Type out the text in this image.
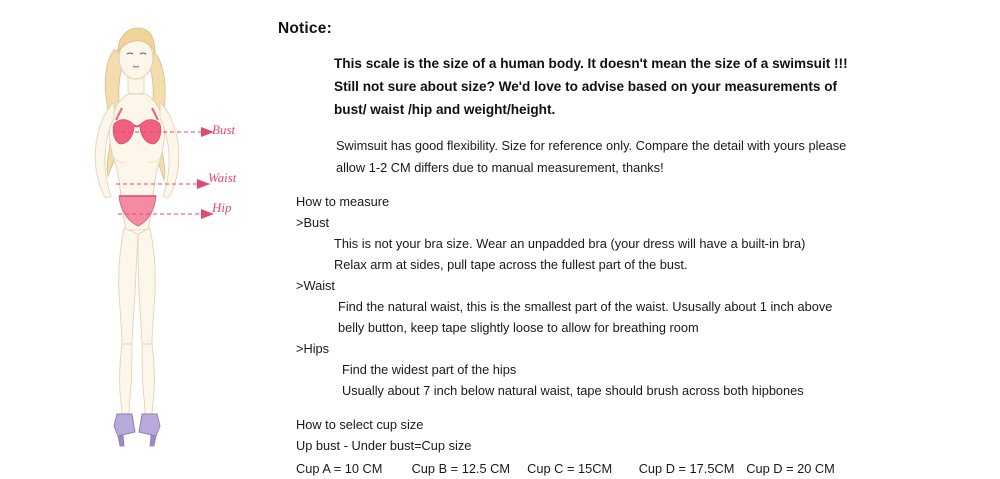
Bust
Waist
Hip
Notice:
This scale is the size of a human body. It doesn't mean the size of a swimsuit !!!
Still not sure about size? We'd love to advise based on your measurements of
bust/ waist /hip and weight/height.
Swimsuit has good flexibility. Size for reference only. Compare the detail with yours please
allow 1-2 CM differs due to manual measurement, thanks!
How to measure
>Bust
This is not your bra size. Wear an unpadded bra (your dress will have a built-in bra)
Relax arm at sides, pull tape across the fullest part of the bust.
>Waist
Find the natural waist, this is the smallest part of the waist. Ususally about 1 inch above
belly button, keep tape slightly loose to allow for breathing room
>Hips
Find the widest part of the hips
Usually about 7 inch below natural waist, tape should brush across both hipbones
How to select cup size
Up bust - Under bust=Cup size
Cup A = 10 CM Cup B = 12.5 CM Cup C = 15CM Cup D = 17.5CM Cup D = 20 CM
